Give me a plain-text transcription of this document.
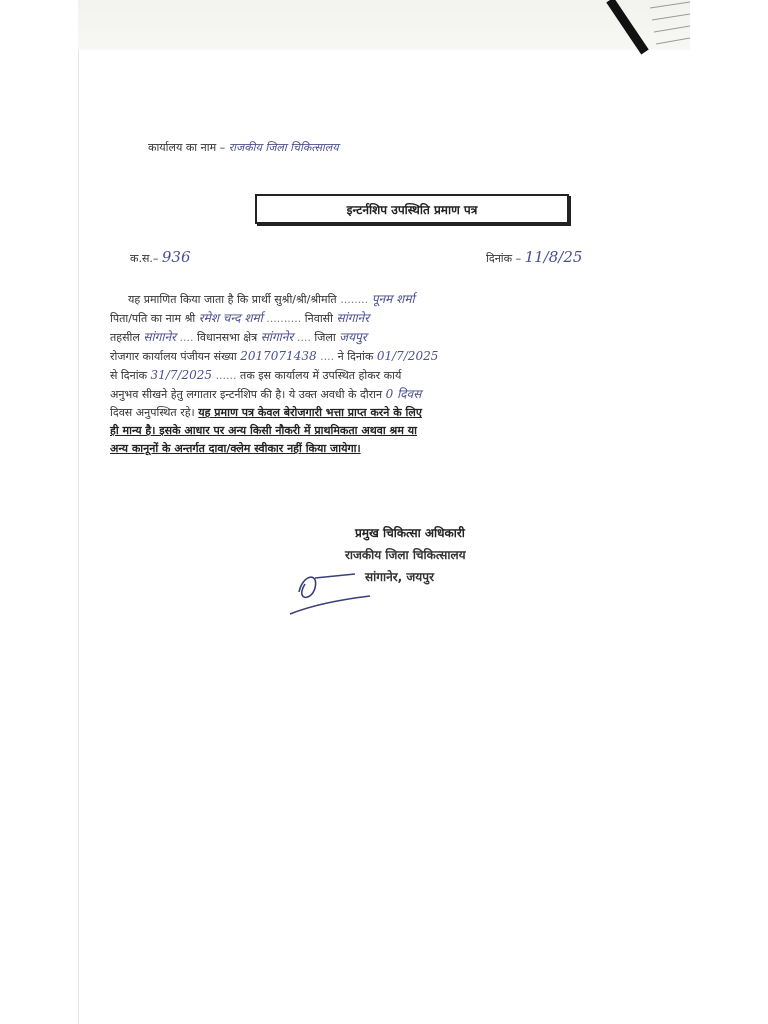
कार्यालय का नाम – राजकीय जिला चिकित्सालय
इन्टर्नशिप उपस्थिति प्रमाण पत्र
क.स.– 936	दिनांक – 11/8/25

यह प्रमाणित किया जाता है कि प्रार्थी सुश्री/श्री/श्रीमति ........ पूनम शर्मा

पिता/पति का नाम श्री रमेश चन्द शर्मा .......... निवासी सांगानेर

तहसील सांगानेर .... विधानसभा क्षेत्र सांगानेर .... जिला जयपुर

रोजगार कार्यालय पंजीयन संख्या 2017071438 .... ने दिनांक 01/7/2025

से दिनांक 31/7/2025 ...... तक इस कार्यालय में उपस्थित होकर कार्य

अनुभव सीखने हेतु लगातार इन्टर्नशिप की है। ये उक्त अवधी के दौरान 0 दिवस

दिवस अनुपस्थित रहे। यह प्रमाण पत्र केवल बेरोजगारी भत्ता प्राप्त करने के लिए

ही मान्य है। इसके आधार पर अन्य किसी नौकरी में प्राथमिकता अथवा श्रम या

अन्य कानूनों के अन्तर्गत दावा/क्लेम स्वीकार नहीं किया जायेगा।

प्रमुख चिकित्सा अधिकारी
राजकीय जिला चिकित्सालय
सांगानेर, जयपुर
